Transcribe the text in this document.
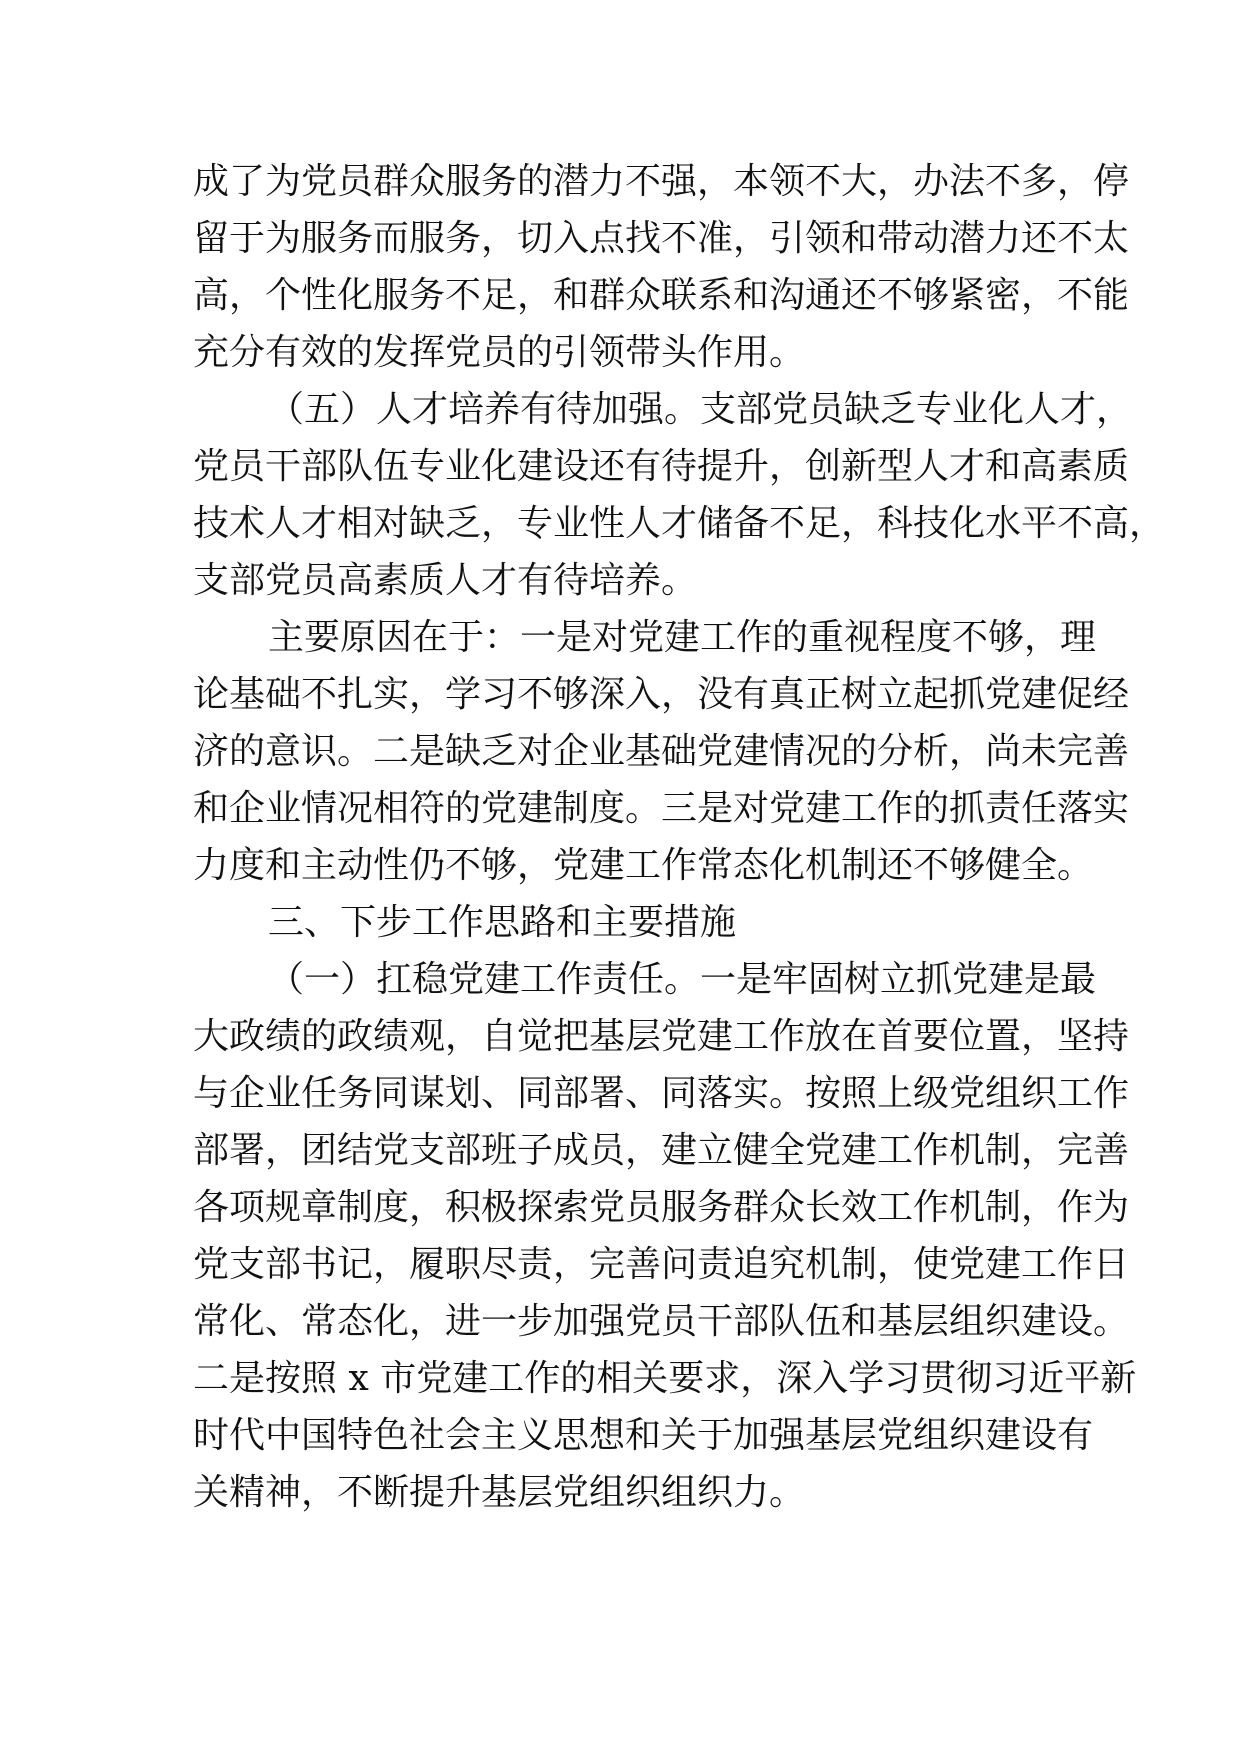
成了为党员群众服务的潜力不强，本领不大，办法不多，停
留于为服务而服务，切入点找不准，引领和带动潜力还不太
高，个性化服务不足，和群众联系和沟通还不够紧密，不能
充分有效的发挥党员的引领带头作用。
（五）人才培养有待加强。支部党员缺乏专业化人才，
党员干部队伍专业化建设还有待提升，创新型人才和高素质
技术人才相对缺乏，专业性人才储备不足，科技化水平不高，
支部党员高素质人才有待培养。
主要原因在于：一是对党建工作的重视程度不够，理
论基础不扎实，学习不够深入，没有真正树立起抓党建促经
济的意识。二是缺乏对企业基础党建情况的分析，尚未完善
和企业情况相符的党建制度。三是对党建工作的抓责任落实
力度和主动性仍不够，党建工作常态化机制还不够健全。
三、下步工作思路和主要措施
（一）扛稳党建工作责任。一是牢固树立抓党建是最
大政绩的政绩观，自觉把基层党建工作放在首要位置，坚持
与企业任务同谋划、同部署、同落实。按照上级党组织工作
部署，团结党支部班子成员，建立健全党建工作机制，完善
各项规章制度，积极探索党员服务群众长效工作机制，作为
党支部书记，履职尽责，完善问责追究机制，使党建工作日
常化、常态化，进一步加强党员干部队伍和基层组织建设。
二是按照 x 市党建工作的相关要求，深入学习贯彻习近平新
时代中国特色社会主义思想和关于加强基层党组织建设有
关精神，不断提升基层党组织组织力。
